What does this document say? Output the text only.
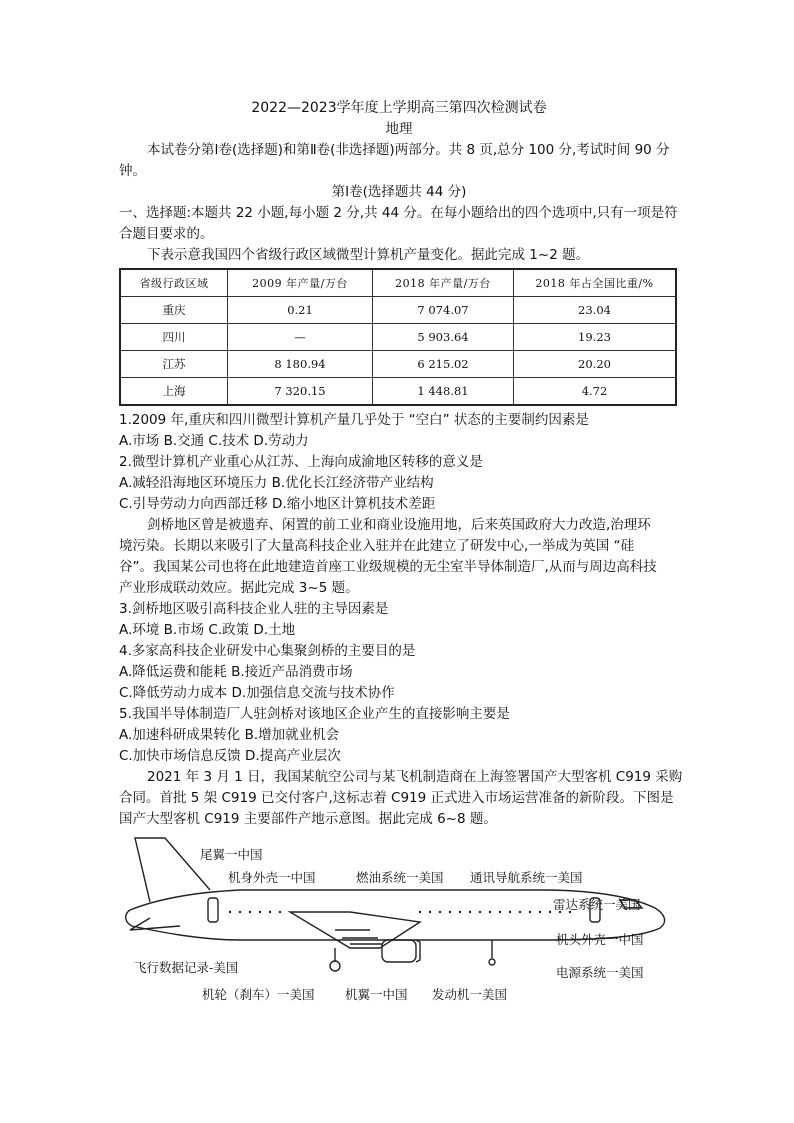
2022—2023学年度上学期高三第四次检测试卷
地理
本试卷分第Ⅰ卷(选择题)和第Ⅱ卷(非选择题)两部分。共 8 页,总分 100 分,考试时间 90 分
钟。
第Ⅰ卷(选择题共 44 分)
一、选择题:本题共 22 小题,每小题 2 分,共 44 分。在每小题给出的四个选项中,只有一项是符
合题目要求的。
下表示意我国四个省级行政区域微型计算机产量变化。据此完成 1~2 题。
省级行政区域	2009 年产量/万台	2018 年产量/万台	2018 年占全国比重/%
重庆	0.21	7 074.07	23.04
四川	—	5 903.64	19.23
江苏	8 180.94	6 215.02	20.20
上海	7 320.15	1 448.81	4.72
1.2009 年,重庆和四川微型计算机产量几乎处于 “空白” 状态的主要制约因素是
A.市场 B.交通 C.技术 D.劳动力
2.微型计算机产业重心从江苏、上海向成渝地区转移的意义是
A.减轻沿海地区环境压力 B.优化长江经济带产业结构
C.引导劳动力向西部迁移 D.缩小地区计算机技术差距
剑桥地区曾是被遗弃、闲置的前工业和商业设施用地，后来英国政府大力改造,治理环
境污染。长期以来吸引了大量高科技企业入驻并在此建立了研发中心,一举成为英国 “硅
谷”。我国某公司也将在此地建造首座工业级规模的无尘室半导体制造厂,从而与周边高科技
产业形成联动效应。据此完成 3~5 题。
3.剑桥地区吸引高科技企业人驻的主导因素是
A.环境 B.市场 C.政策 D.土地
4.多家高科技企业研发中心集聚剑桥的主要目的是
A.降低运费和能耗 B.接近产品消费市场
C.降低劳动力成本 D.加强信息交流与技术协作
5.我国半导体制造厂人驻剑桥对该地区企业产生的直接影响主要是
A.加速科研成果转化 B.增加就业机会
C.加快市场信息反馈 D.提高产业层次
2021 年 3 月 1 日，我国某航空公司与某飞机制造商在上海签署国产大型客机 C919 采购
合同。首批 5 架 C919 已交付客户,这标志着 C919 正式进入市场运营准备的新阶段。下图是
国产大型客机 C919 主要部件产地示意图。据此完成 6~8 题。
尾翼一中国
机身外壳一中国	燃油系统一美国 通讯导航系统一美国
雷达系统一美国
机头外壳一中国
电源系统一美国
飞行数据记录-美国
机轮（刹车）一美国 机翼一中国 发动机一美国
